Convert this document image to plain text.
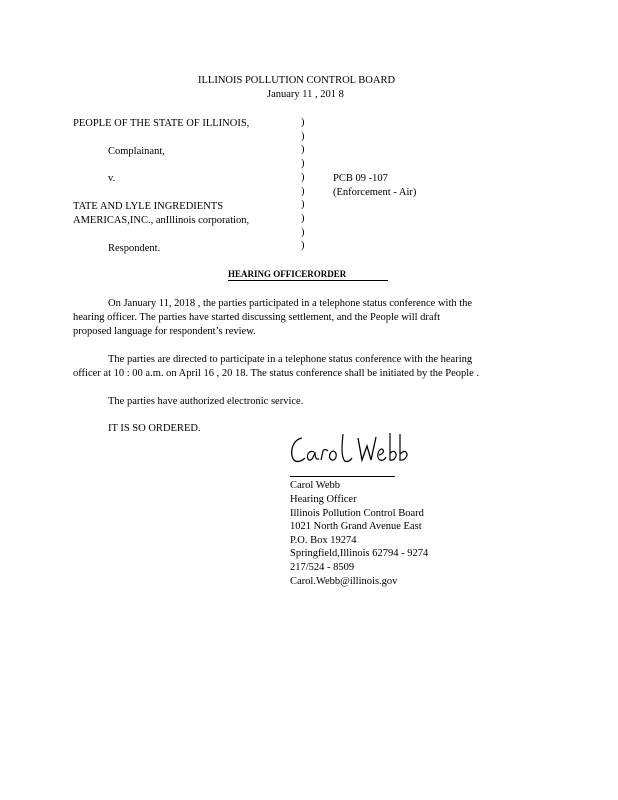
ILLINOIS POLLUTION CONTROL BOARD
January 11 , 201 8
PEOPLE OF THE STATE OF ILLINOIS,
Complainant,
v.
TATE AND LYLE INGREDIENTS
AMERICAS,INC., anIllinois corporation,
Respondent.
)
)
)
)
)
)
)
)
)
)
PCB 09 -107
(Enforcement - Air)
HEARING OFFICERORDER
On January 11, 2018 , the parties participated in a telephone status conference with the
hearing officer. The parties have started discussing settlement, and the People will draft
proposed language for respondent’s review.
The parties are directed to participate in a telephone status conference with the hearing
officer at 10 : 00 a.m. on April 16 , 20 18. The status conference shall be initiated by the People .
The parties have authorized electronic service.
IT IS SO ORDERED.
Carol Webb
Hearing Officer
Illinois Pollution Control Board
1021 North Grand Avenue East
P.O. Box 19274
Springfield,Illinois 62794 - 9274
217/524 - 8509
Carol.Webb@illinois.gov
